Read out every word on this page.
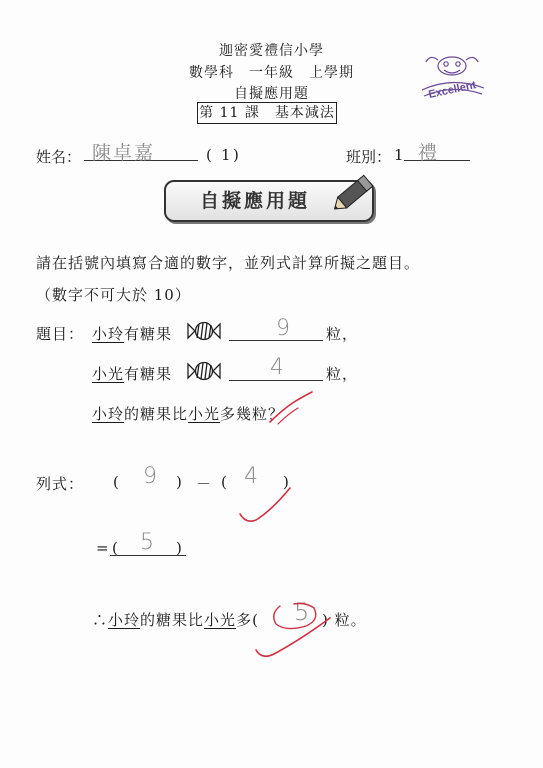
迦密愛禮信小學
數學科　一年級　上學期
自擬應用題
第 11 課　基本減法
Excellent
姓名： 陳卓嘉	( 1 )	班別： 1 禮
自擬應用題
請在括號內填寫合適的數字，並列式計算所擬之題目。
（數字不可大於 10）
題目： 小玲有糖果	9 粒，
小光有糖果	4	粒，
小玲的糖果比小光多幾粒？
列式： ( 9 ) － ( 4 )
= ( 5 )
∴小玲的糖果比小光多( 5 ) 粒。
